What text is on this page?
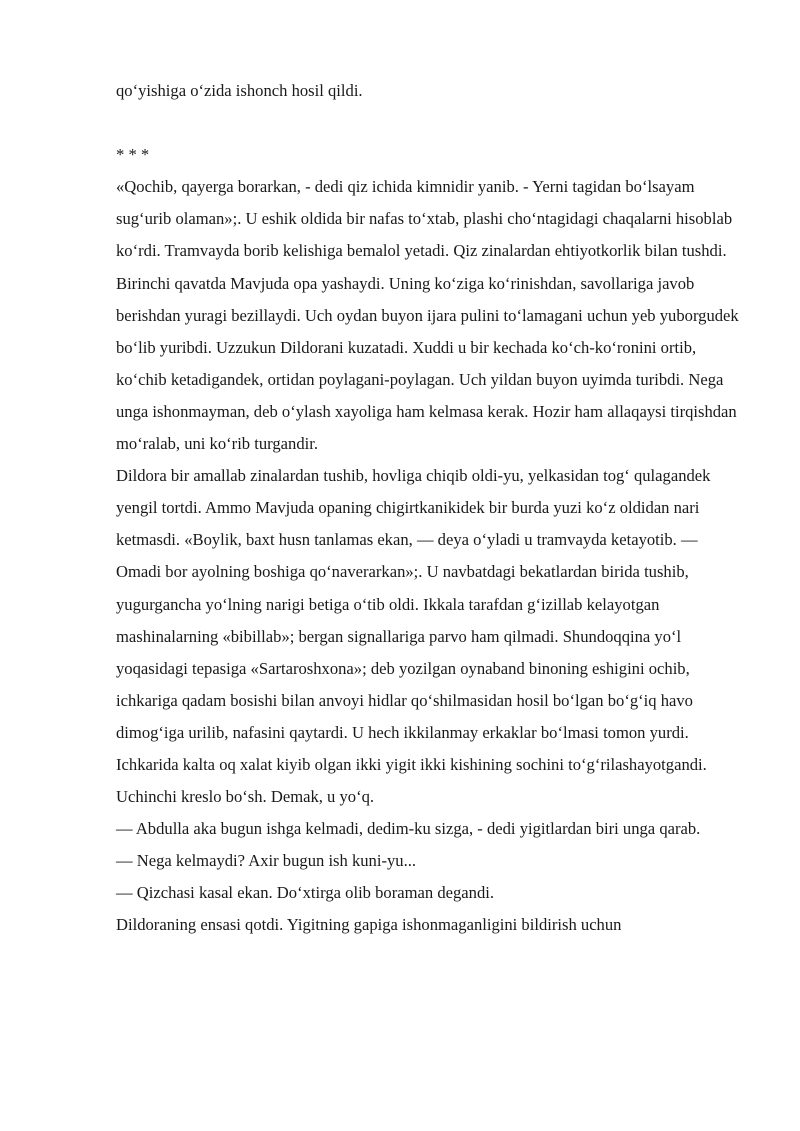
qo‘yishiga o‘zida ishonch hosil qildi.

* * *

«Qochib, qayerga borarkan, - dedi qiz ichida kimnidir yanib. - Yerni tagidan bo‘lsayam sug‘urib olaman»;. U eshik oldida bir nafas to‘xtab, plashi cho‘ntagidagi chaqalarni hisoblab ko‘rdi. Tramvayda borib kelishiga bemalol yetadi. Qiz zinalardan ehtiyotkorlik bilan tushdi. Birinchi qavatda Mavjuda opa yashaydi. Uning ko‘ziga ko‘rinishdan, savollariga javob berishdan yuragi bezillaydi. Uch oydan buyon ijara pulini to‘lamagani uchun yeb yuborgudek bo‘lib yuribdi. Uzzukun Dildorani kuzatadi. Xuddi u bir kechada ko‘ch-ko‘ronini ortib, ko‘chib ketadigandek, ortidan poylagani-poylagan. Uch yildan buyon uyimda turibdi. Nega unga ishonmayman, deb o‘ylash xayoliga ham kelmasa kerak. Hozir ham allaqaysi tirqishdan mo‘ralab, uni ko‘rib turgandir.

Dildora bir amallab zinalardan tushib, hovliga chiqib oldi-yu, yelkasidan tog‘ qulagandek yengil tortdi. Ammo Mavjuda opaning chigirtkanikidek bir burda yuzi ko‘z oldidan nari ketmasdi. «Boylik, baxt husn tanlamas ekan, — deya o‘yladi u tramvayda ketayotib. — Omadi bor ayolning boshiga qo‘naverarkan»;. U navbatdagi bekatlardan birida tushib, yugurgancha yo‘lning narigi betiga o‘tib oldi. Ikkala tarafdan g‘izillab kelayotgan mashinalarning «bibillab»; bergan signallariga parvo ham qilmadi. Shundoqqina yo‘l yoqasidagi tepasiga «Sartaroshxona»; deb yozilgan oynaband binoning eshigini ochib, ichkariga qadam bosishi bilan anvoyi hidlar qo‘shilmasidan hosil bo‘lgan bo‘g‘iq havo dimog‘iga urilib, nafasini qaytardi. U hech ikkilanmay erkaklar bo‘lmasi tomon yurdi. Ichkarida kalta oq xalat kiyib olgan ikki yigit ikki kishining sochini to‘g‘rilashayotgandi. Uchinchi kreslo bo‘sh. Demak, u yo‘q.

— Abdulla aka bugun ishga kelmadi, dedim-ku sizga, - dedi yigitlardan biri unga qarab.

— Nega kelmaydi? Axir bugun ish kuni-yu...

— Qizchasi kasal ekan. Do‘xtirga olib boraman degandi.

Dildoraning ensasi qotdi. Yigitning gapiga ishonmaganligini bildirish uchun
